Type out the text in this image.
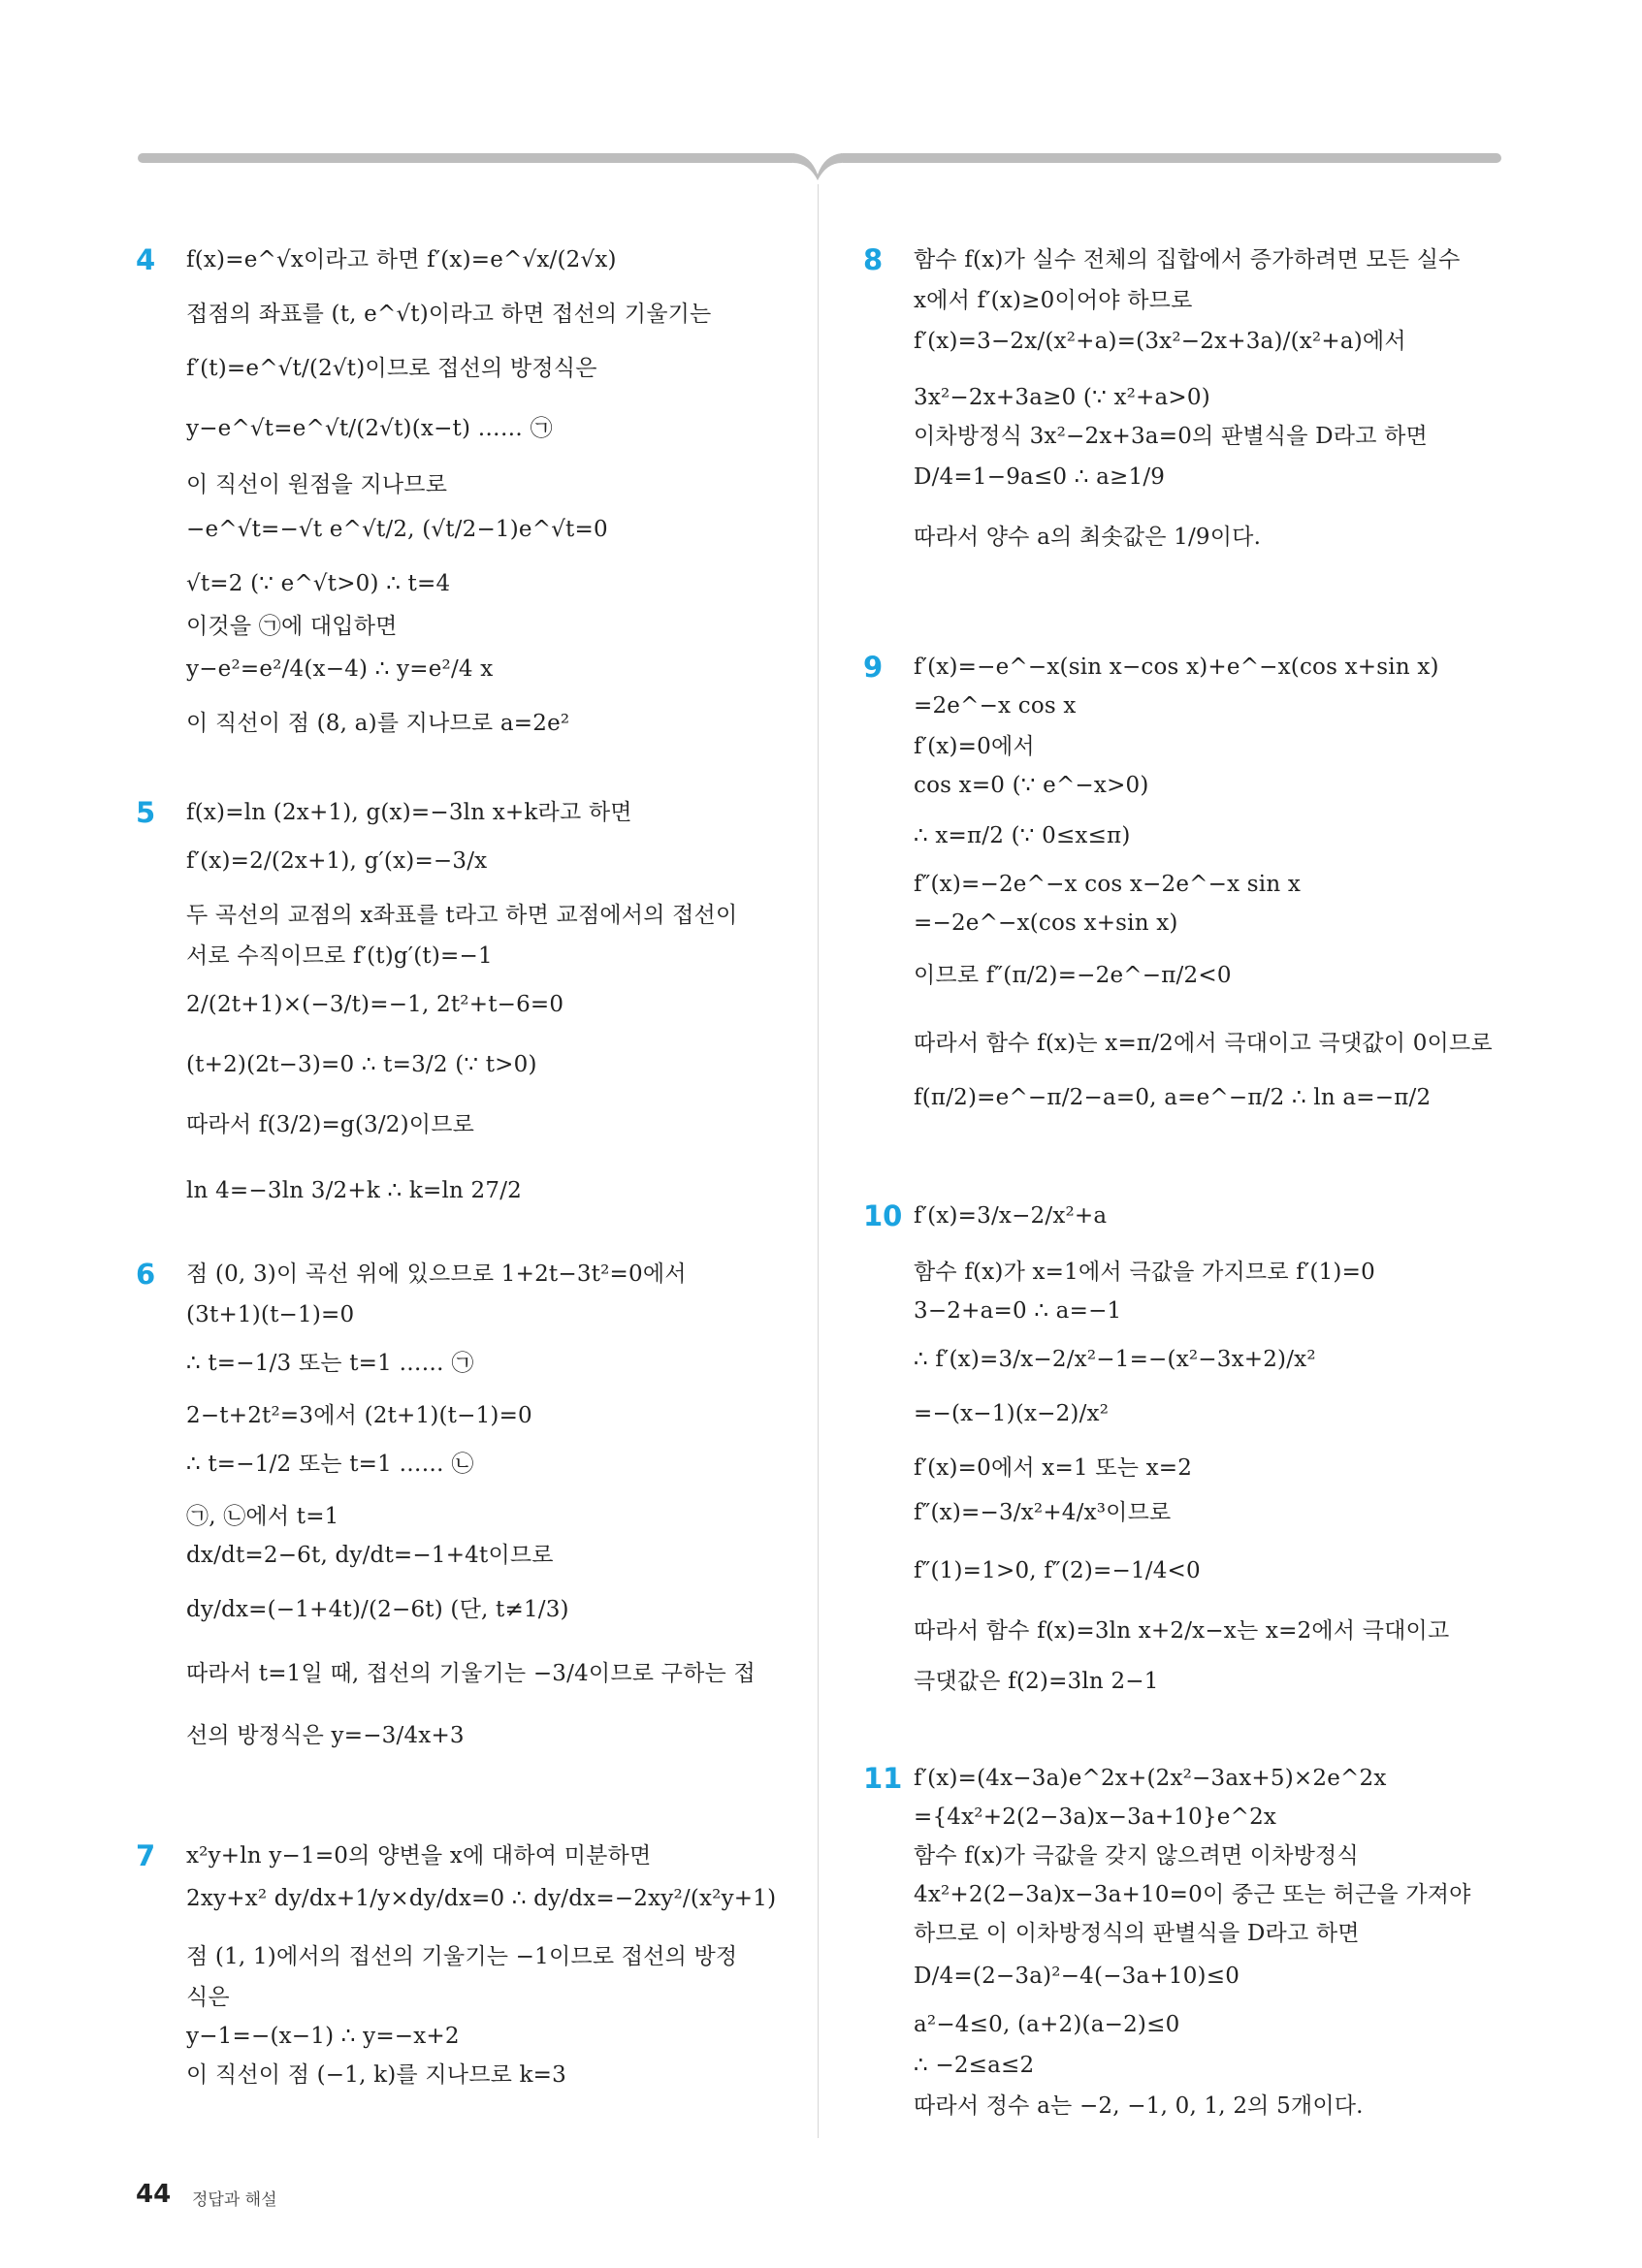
4 f(x)=e^√x이라고 하면 f′(x)=e^√x/(2√x)
접점의 좌표를 (t, e^√t)이라고 하면 접선의 기울기는
f′(t)=e^√t/(2√t)이므로 접선의 방정식은
y−e^√t=e^√t/(2√t)(x−t) …… ㉠
이 직선이 원점을 지나므로
−e^√t=−√t e^√t/2, (√t/2−1)e^√t=0
√t=2 (∵ e^√t>0) ∴ t=4
이것을 ㉠에 대입하면
y−e²=e²/4(x−4) ∴ y=e²/4 x
이 직선이 점 (8, a)를 지나므로 a=2e²
5 f(x)=ln (2x+1), g(x)=−3ln x+k라고 하면
f′(x)=2/(2x+1), g′(x)=−3/x
두 곡선의 교점의 x좌표를 t라고 하면 교점에서의 접선이
서로 수직이므로 f′(t)g′(t)=−1
2/(2t+1)×(−3/t)=−1, 2t²+t−6=0
(t+2)(2t−3)=0 ∴ t=3/2 (∵ t>0)
따라서 f(3/2)=g(3/2)이므로
ln 4=−3ln 3/2+k ∴ k=ln 27/2
6 점 (0, 3)이 곡선 위에 있으므로 1+2t−3t²=0에서
(3t+1)(t−1)=0
∴ t=−1/3 또는 t=1 …… ㉠
2−t+2t²=3에서 (2t+1)(t−1)=0
∴ t=−1/2 또는 t=1 …… ㉡
㉠, ㉡에서 t=1
dx/dt=2−6t, dy/dt=−1+4t이므로
dy/dx=(−1+4t)/(2−6t) (단, t≠1/3)
따라서 t=1일 때, 접선의 기울기는 −3/4이므로 구하는 접
선의 방정식은 y=−3/4x+3
7 x²y+ln y−1=0의 양변을 x에 대하여 미분하면
2xy+x² dy/dx+1/y×dy/dx=0 ∴ dy/dx=−2xy²/(x²y+1)
점 (1, 1)에서의 접선의 기울기는 −1이므로 접선의 방정
식은
y−1=−(x−1) ∴ y=−x+2
이 직선이 점 (−1, k)를 지나므로 k=3
8 함수 f(x)가 실수 전체의 집합에서 증가하려면 모든 실수
x에서 f′(x)≥0이어야 하므로
f′(x)=3−2x/(x²+a)=(3x²−2x+3a)/(x²+a)에서
3x²−2x+3a≥0 (∵ x²+a>0)
이차방정식 3x²−2x+3a=0의 판별식을 D라고 하면
D/4=1−9a≤0 ∴ a≥1/9
따라서 양수 a의 최솟값은 1/9이다.
9 f′(x)=−e^−x(sin x−cos x)+e^−x(cos x+sin x)
=2e^−x cos x
f′(x)=0에서
cos x=0 (∵ e^−x>0)
∴ x=π/2 (∵ 0≤x≤π)
f″(x)=−2e^−x cos x−2e^−x sin x
=−2e^−x(cos x+sin x)
이므로 f″(π/2)=−2e^−π/2<0
따라서 함수 f(x)는 x=π/2에서 극대이고 극댓값이 0이므로
f(π/2)=e^−π/2−a=0, a=e^−π/2 ∴ ln a=−π/2
10 f′(x)=3/x−2/x²+a
함수 f(x)가 x=1에서 극값을 가지므로 f′(1)=0
3−2+a=0 ∴ a=−1
∴ f′(x)=3/x−2/x²−1=−(x²−3x+2)/x²
=−(x−1)(x−2)/x²
f′(x)=0에서 x=1 또는 x=2
f″(x)=−3/x²+4/x³이므로
f″(1)=1>0, f″(2)=−1/4<0
따라서 함수 f(x)=3ln x+2/x−x는 x=2에서 극대이고
극댓값은 f(2)=3ln 2−1
11 f′(x)=(4x−3a)e^2x+(2x²−3ax+5)×2e^2x
={4x²+2(2−3a)x−3a+10}e^2x
함수 f(x)가 극값을 갖지 않으려면 이차방정식
4x²+2(2−3a)x−3a+10=0이 중근 또는 허근을 가져야
하므로 이 이차방정식의 판별식을 D라고 하면
D/4=(2−3a)²−4(−3a+10)≤0
a²−4≤0, (a+2)(a−2)≤0
∴ −2≤a≤2
따라서 정수 a는 −2, −1, 0, 1, 2의 5개이다.
44 정답과 해설
